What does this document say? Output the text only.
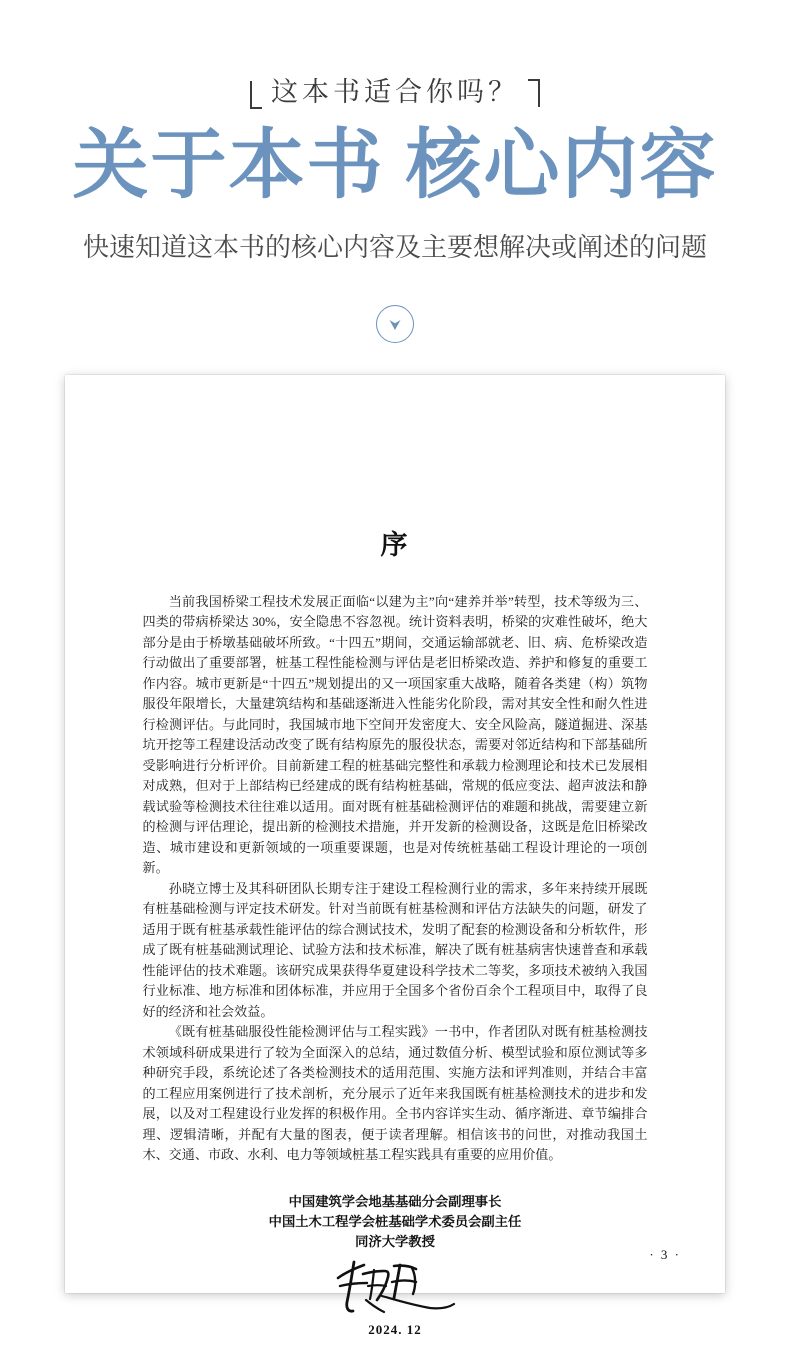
这本书适合你吗？
关于本书 核心内容
快速知道这本书的核心内容及主要想解决或阐述的问题
序

当前我国桥梁工程技术发展正面临“以建为主”向“建养并举”转型，技术等级为三、四类的带病桥梁达 30%，安全隐患不容忽视。统计资料表明，桥梁的灾难性破坏，绝大部分是由于桥墩基础破坏所致。“十四五”期间，交通运输部就老、旧、病、危桥梁改造行动做出了重要部署，桩基工程性能检测与评估是老旧桥梁改造、养护和修复的重要工作内容。城市更新是“十四五”规划提出的又一项国家重大战略，随着各类建（构）筑物服役年限增长，大量建筑结构和基础逐渐进入性能劣化阶段，需对其安全性和耐久性进行检测评估。与此同时，我国城市地下空间开发密度大、安全风险高，隧道掘进、深基坑开挖等工程建设活动改变了既有结构原先的服役状态，需要对邻近结构和下部基础所受影响进行分析评价。目前新建工程的桩基础完整性和承载力检测理论和技术已发展相对成熟，但对于上部结构已经建成的既有结构桩基础，常规的低应变法、超声波法和静载试验等检测技术往往难以适用。面对既有桩基础检测评估的难题和挑战，需要建立新的检测与评估理论，提出新的检测技术措施，并开发新的检测设备，这既是危旧桥梁改造、城市建设和更新领域的一项重要课题，也是对传统桩基础工程设计理论的一项创新。

孙晓立博士及其科研团队长期专注于建设工程检测行业的需求，多年来持续开展既有桩基础检测与评定技术研发。针对当前既有桩基检测和评估方法缺失的问题，研发了适用于既有桩基承载性能评估的综合测试技术，发明了配套的检测设备和分析软件，形成了既有桩基础测试理论、试验方法和技术标准，解决了既有桩基病害快速普查和承载性能评估的技术难题。该研究成果获得华夏建设科学技术二等奖，多项技术被纳入我国行业标准、地方标准和团体标准，并应用于全国多个省份百余个工程项目中，取得了良好的经济和社会效益。

《既有桩基础服役性能检测评估与工程实践》一书中，作者团队对既有桩基检测技术领域科研成果进行了较为全面深入的总结，通过数值分析、模型试验和原位测试等多种研究手段，系统论述了各类检测技术的适用范围、实施方法和评判准则，并结合丰富的工程应用案例进行了技术剖析，充分展示了近年来我国既有桩基检测技术的进步和发展，以及对工程建设行业发挥的积极作用。全书内容详实生动、循序渐进、章节编排合理、逻辑清晰，并配有大量的图表，便于读者理解。相信该书的问世，对推动我国土木、交通、市政、水利、电力等领域桩基工程实践具有重要的应用价值。

中国建筑学会地基基础分会副理事长
中国土木工程学会桩基础学术委员会副主任
同济大学教授
2024. 12
· 3 ·
